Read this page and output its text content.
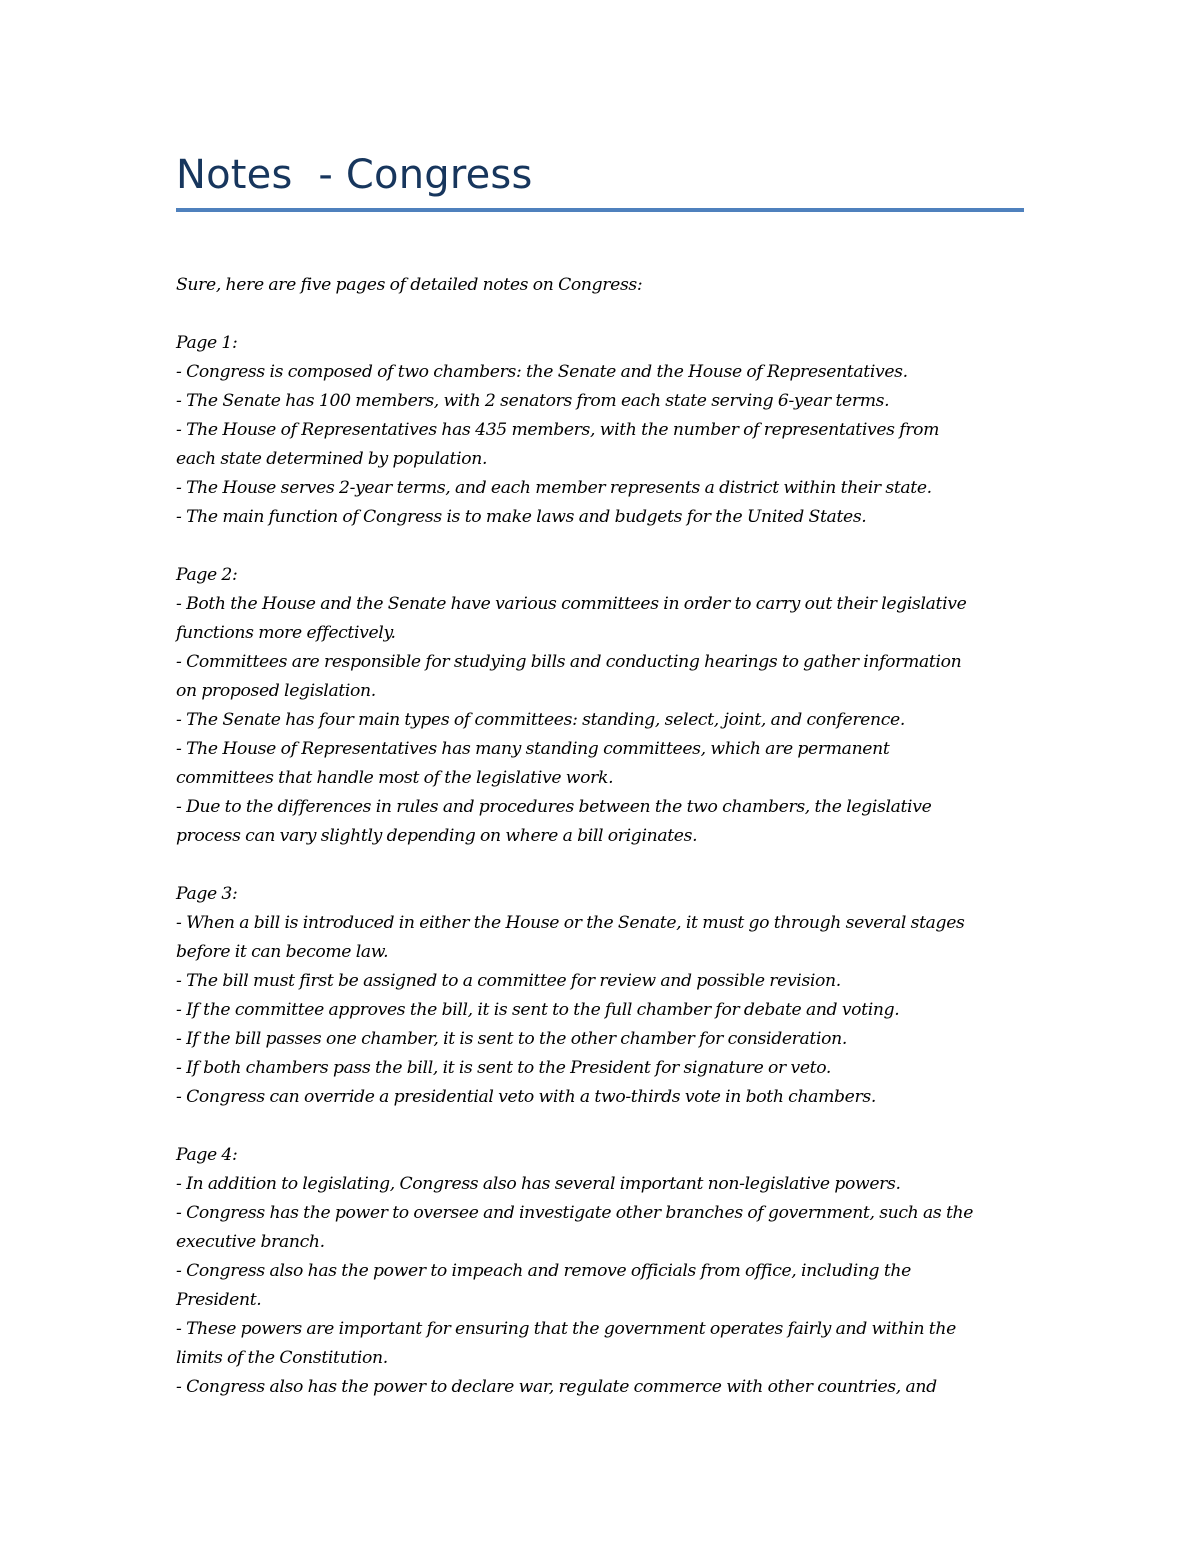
Notes  - Congress
Sure, here are five pages of detailed notes on Congress:
Page 1:
- Congress is composed of two chambers: the Senate and the House of Representatives.
- The Senate has 100 members, with 2 senators from each state serving 6-year terms.
- The House of Representatives has 435 members, with the number of representatives from
each state determined by population.
- The House serves 2-year terms, and each member represents a district within their state.
- The main function of Congress is to make laws and budgets for the United States.
Page 2:
- Both the House and the Senate have various committees in order to carry out their legislative
functions more effectively.
- Committees are responsible for studying bills and conducting hearings to gather information
on proposed legislation.
- The Senate has four main types of committees: standing, select, joint, and conference.
- The House of Representatives has many standing committees, which are permanent
committees that handle most of the legislative work.
- Due to the differences in rules and procedures between the two chambers, the legislative
process can vary slightly depending on where a bill originates.
Page 3:
- When a bill is introduced in either the House or the Senate, it must go through several stages
before it can become law.
- The bill must first be assigned to a committee for review and possible revision.
- If the committee approves the bill, it is sent to the full chamber for debate and voting.
- If the bill passes one chamber, it is sent to the other chamber for consideration.
- If both chambers pass the bill, it is sent to the President for signature or veto.
- Congress can override a presidential veto with a two-thirds vote in both chambers.
Page 4:
- In addition to legislating, Congress also has several important non-legislative powers.
- Congress has the power to oversee and investigate other branches of government, such as the
executive branch.
- Congress also has the power to impeach and remove officials from office, including the
President.
- These powers are important for ensuring that the government operates fairly and within the
limits of the Constitution.
- Congress also has the power to declare war, regulate commerce with other countries, and
